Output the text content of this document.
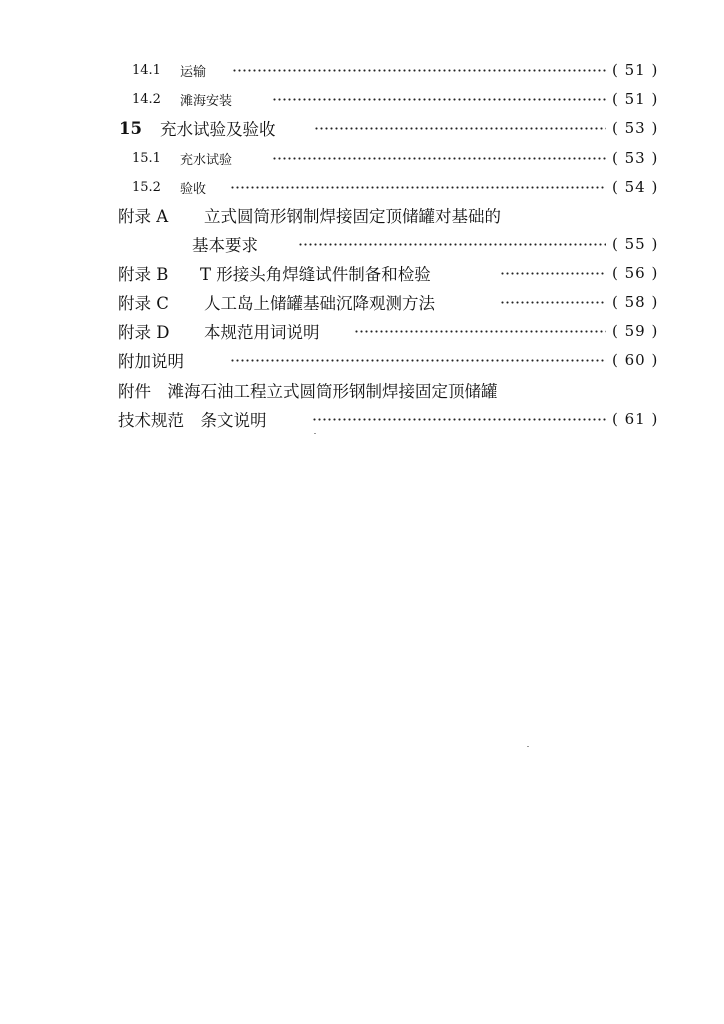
14.1 运输	( 51 )
14.2 滩海安装	( 51 )
15 充水试验及验收	( 53 )
15.1 充水试验	( 53 )
15.2 验收	( 54 )
附录 A 立式圆筒形钢制焊接固定顶储罐对基础的
基本要求	( 55 )
附录 B T 形接头角焊缝试件制备和检验	( 56 )
附录 C 人工岛上储罐基础沉降观测方法	( 58 )
附录 D 本规范用词说明	( 59 )
附加说明	( 60 )
附件　滩海石油工程立式圆筒形钢制焊接固定顶储罐
技术规范　条文说明	( 61 )
